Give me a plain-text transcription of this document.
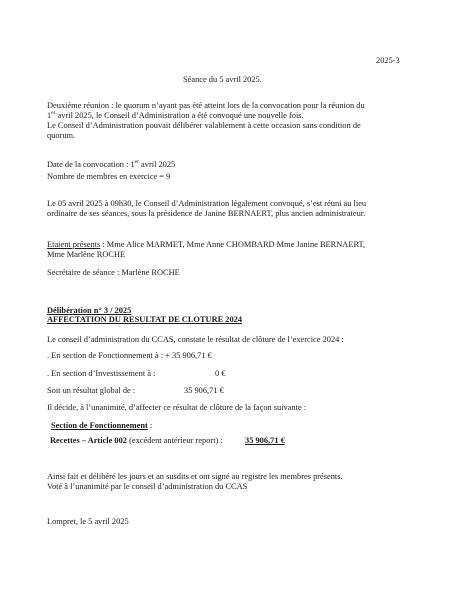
2025-3

Séance du 5 avril 2025.

Deuxième réunion : le quorum n’ayant pas été atteint lors de la convocation pour la réunion du

1er avril 2025, le Conseil d’Administration a été convoqué une nouvelle fois.

Le Conseil d’Administration pouvait délibérer valablement à cette occasion sans condition de

quorum.

Date de la convocation : 1er avril 2025

Nombre de membres en exercice = 9

Le 05 avril 2025 à 09h30, le Conseil d’Administration légalement convoqué, s’est réuni au lieu

ordinaire de ses séances, sous la présidence de Janine BERNAERT, plus ancien administrateur.

Etaient présents : Mme Alice MARMET, Mme Anne CHOMBARD Mme Janine BERNAERT,

Mme Marlène ROCHE

Secrétaire de séance : Marlène ROCHE

Délibération n° 3 / 2025

AFFECTATION DU RESULTAT DE CLOTURE 2024

Le conseil d’administration du CCAS, constate le résultat de clôture de l’exercice 2024 :

. En section de Fonctionnement à : + 35 906,71 €

. En section d’Investissement à :	0 €

Soit un résultat global de :	35 906,71 €

Il décide, à l’unanimité, d’affecter ce résultat de clôture de la façon suivante :

Section de Fonctionnement :

Recettes – Article 002 (excédent antérieur report) :	35 906,71 €

Ainsi fait et délibéré les jours et an susdits et ont signé au registre les membres présents.

Voté à l’unanimité par le conseil d’administration du CCAS

Lompret, le 5 avril 2025
